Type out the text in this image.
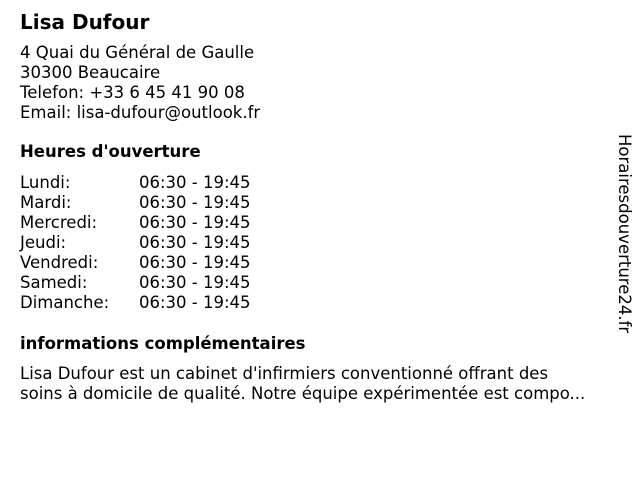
Lisa Dufour
4 Quai du Général de Gaulle
30300 Beaucaire
Telefon: +33 6 45 41 90 08
Email: lisa-dufour@outlook.fr
Heures d'ouverture
Lundi:	06:30 - 19:45
Mardi:	06:30 - 19:45
Mercredi:	06:30 - 19:45
Jeudi:	06:30 - 19:45
Vendredi:	06:30 - 19:45
Samedi:	06:30 - 19:45
Dimanche:	06:30 - 19:45
informations complémentaires
Lisa Dufour est un cabinet d'infirmiers conventionné offrant des
soins à domicile de qualité. Notre équipe expérimentée est compo...
Horairesdouverture24.fr
